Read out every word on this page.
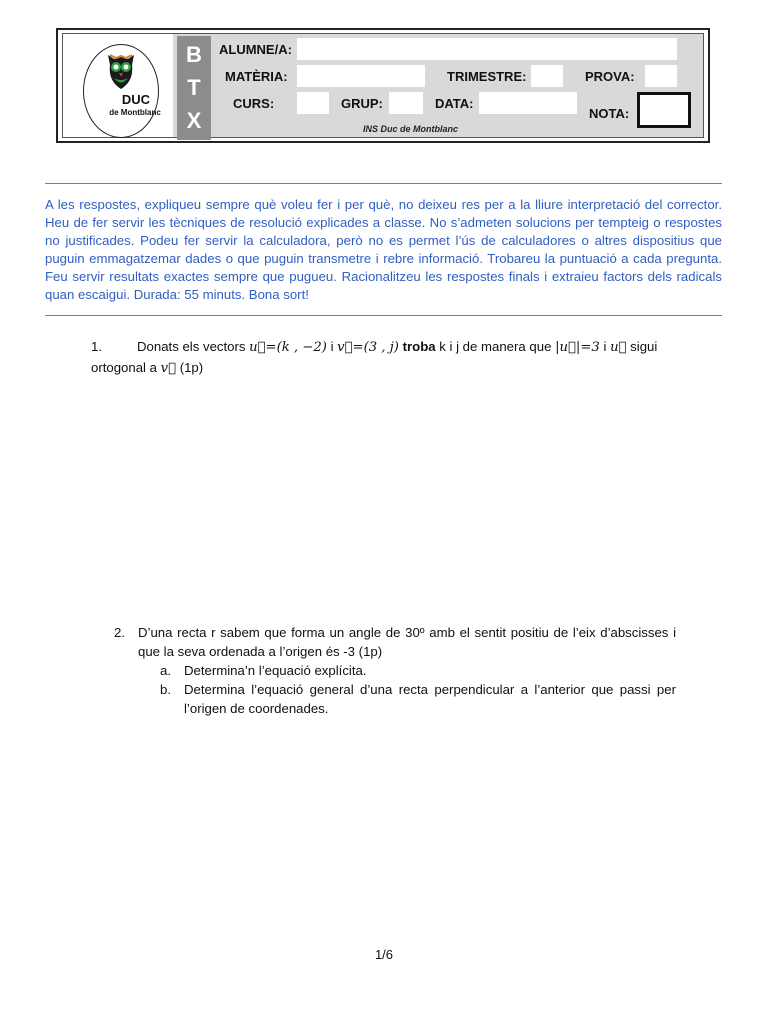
DUC
de Montblanc
B
T
X
ALUMNE/A:
MATÈRIA:	TRIMESTRE:	PROVA:
CURS:	GRUP:	DATA:
NOTA:
INS Duc de Montblanc
A les respostes, expliqueu sempre què voleu fer i per què, no deixeu res per a la lliure interpretació del corrector. Heu de fer servir les tècniques de resolució explicades a classe. No s’admeten solucions per tempteig o respostes no justificades. Podeu fer servir la calculadora, però no es permet l’ús de calculadores o altres dispositius que puguin emmagatzemar dades o que puguin transmetre i rebre informació. Trobareu la puntuació a cada pregunta. Feu servir resultats exactes sempre que pugueu. Racionalitzeu les respostes finals i extraieu factors dels radicals quan escaigui. Durada: 55 minuts. Bona sort!
1.	Donats els vectors u⃗=(k , −2) i v⃗=(3 , j) troba k i j de manera que |u⃗|=3 i u⃗ sigui ortogonal a v⃗ (1p)
2. D’una recta r sabem que forma un angle de 30º amb el sentit positiu de l’eix d’abscisses i que la seva ordenada a l’origen és -3 (1p)
a. Determina’n l’equació explícita.
b. Determina l’equació general d’una recta perpendicular a l’anterior que passi per l’origen de coordenades.
1/6
